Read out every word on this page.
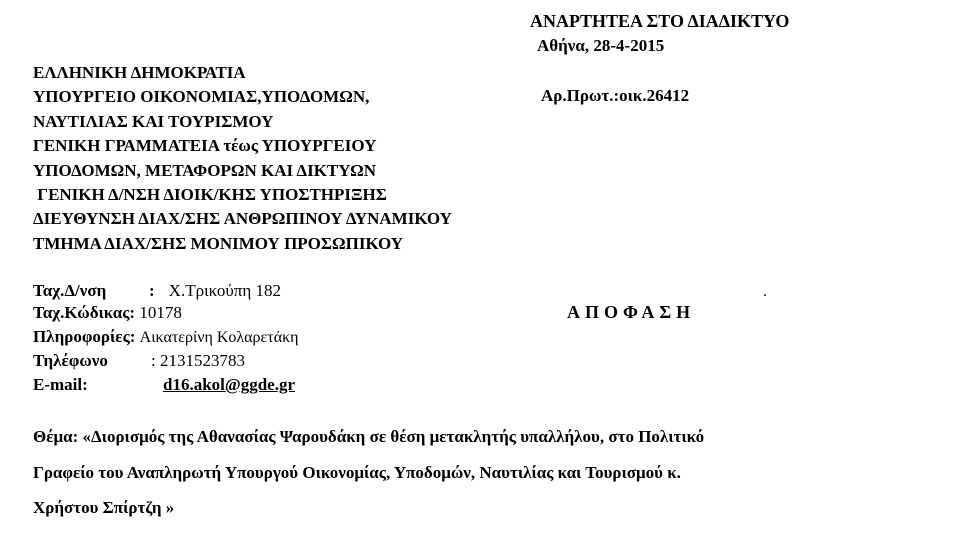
ΑΝΑΡΤΗΤΕΑ ΣΤΟ ΔΙΑΔΙΚΤΥΟ
Αθήνα, 28-4-2015
ΕΛΛΗΝΙΚΗ ΔΗΜΟΚΡΑΤΙΑ
ΥΠΟΥΡΓΕΙΟ ΟΙΚΟΝΟΜΙΑΣ,ΥΠΟΔΟΜΩΝ,
ΝΑΥΤΙΛΙΑΣ ΚΑΙ ΤΟΥΡΙΣΜΟΥ
ΓΕΝΙΚΗ ΓΡΑΜΜΑΤΕΙΑ τέως ΥΠΟΥΡΓΕΙΟΥ
ΥΠΟΔΟΜΩΝ, ΜΕΤΑΦΟΡΩΝ ΚΑΙ ΔΙΚΤΥΩΝ
ΓΕΝΙΚΗ Δ/ΝΣΗ ΔΙΟΙΚ/ΚΗΣ ΥΠΟΣΤΗΡΙΞΗΣ
ΔΙΕΥΘΥΝΣΗ ΔΙΑΧ/ΣΗΣ ΑΝΘΡΩΠΙΝΟΥ ΔΥΝΑΜΙΚΟΥ
ΤΜΗΜΑ ΔΙΑΧ/ΣΗΣ ΜΟΝΙΜΟΥ ΠΡΟΣΩΠΙΚΟΥ
Αρ.Πρωτ.:οικ.26412
Ταχ.Δ/νση	: Χ.Τρικούπη 182
Ταχ.Κώδικας: 10178
Πληροφορίες: Αικατερίνη Κολαρετάκη
Τηλέφωνο	: 2131523783
E-mail:	d16.akol@ggde.gr
.
ΑΠΟΦΑΣΗ
Θέμα: «Διορισμός της Αθανασίας Ψαρουδάκη σε θέση μετακλητής υπαλλήλου, στο Πολιτικό
Γραφείο του Αναπληρωτή Υπουργού Οικονομίας, Υποδομών, Ναυτιλίας και Τουρισμού κ.
Χρήστου Σπίρτζη »
